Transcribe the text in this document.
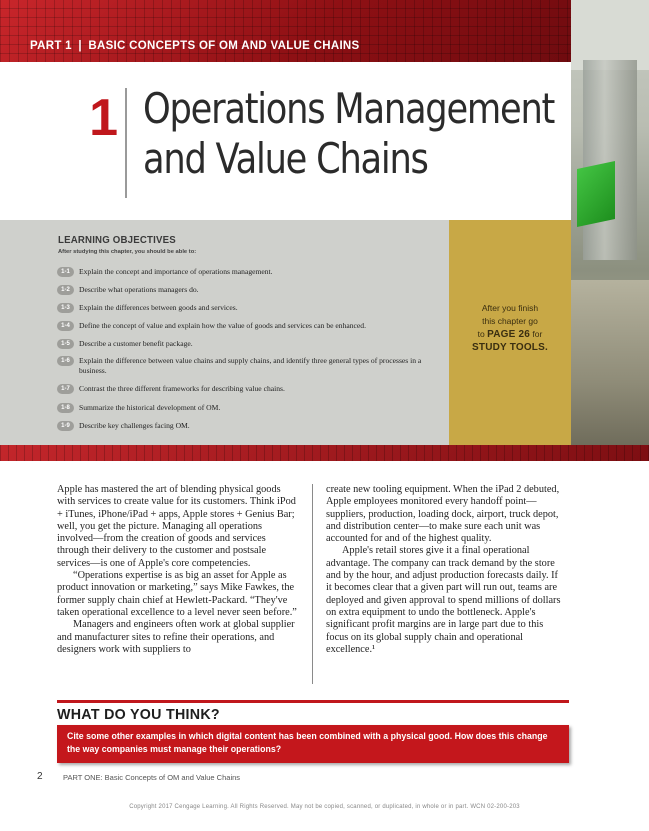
PART 1 | BASIC CONCEPTS OF OM AND VALUE CHAINS
1 Operations Management
and Value Chains
LEARNING OBJECTIVES
After studying this chapter, you should be able to:
1-1	Explain the concept and importance of operations management.
1-2	Describe what operations managers do.
1-3	Explain the differences between goods and services.
1-4	Define the concept of value and explain how the value of goods and services can be enhanced.
1-5	Describe a customer benefit package.
1-6	Explain the difference between value chains and supply chains, and identify three general types of processes in a business.
1-7	Contrast the three different frameworks for describing value chains.
1-8	Summarize the historical development of OM.
1-9	Describe key challenges facing OM.
After you finish
this chapter go
to PAGE 26 for
STUDY TOOLS.

Apple has mastered the art of blending physical goods with services to create value for its customers. Think iPod + iTunes, iPhone/iPad + apps, Apple stores + Genius Bar; well, you get the picture. Managing all operations involved—from the creation of goods and services through their delivery to the customer and postsale services—is one of Apple's core competencies.

“Operations expertise is as big an asset for Apple as product innovation or marketing,” says Mike Fawkes, the former supply chain chief at Hewlett-Packard. “They've taken operational excellence to a level never seen before.”

Managers and engineers often work at global supplier and manufacturer sites to refine their operations, and designers work with suppliers to

create new tooling equipment. When the iPad 2 debuted, Apple employees monitored every handoff point—suppliers, production, loading dock, airport, truck depot, and distribution center—to make sure each unit was accounted for and of the highest quality.

Apple's retail stores give it a final operational advantage. The company can track demand by the store and by the hour, and adjust production forecasts daily. If it becomes clear that a given part will run out, teams are deployed and given approval to spend millions of dollars on extra equipment to undo the bottleneck. Apple's significant profit margins are in large part due to this focus on its global supply chain and operational excellence.¹

WHAT DO YOU THINK?
Cite some other examples in which digital content has been combined with a physical good. How does this change the way companies must manage their operations?
2	PART ONE: Basic Concepts of OM and Value Chains
Copyright 2017 Cengage Learning. All Rights Reserved. May not be copied, scanned, or duplicated, in whole or in part. WCN 02-200-203
